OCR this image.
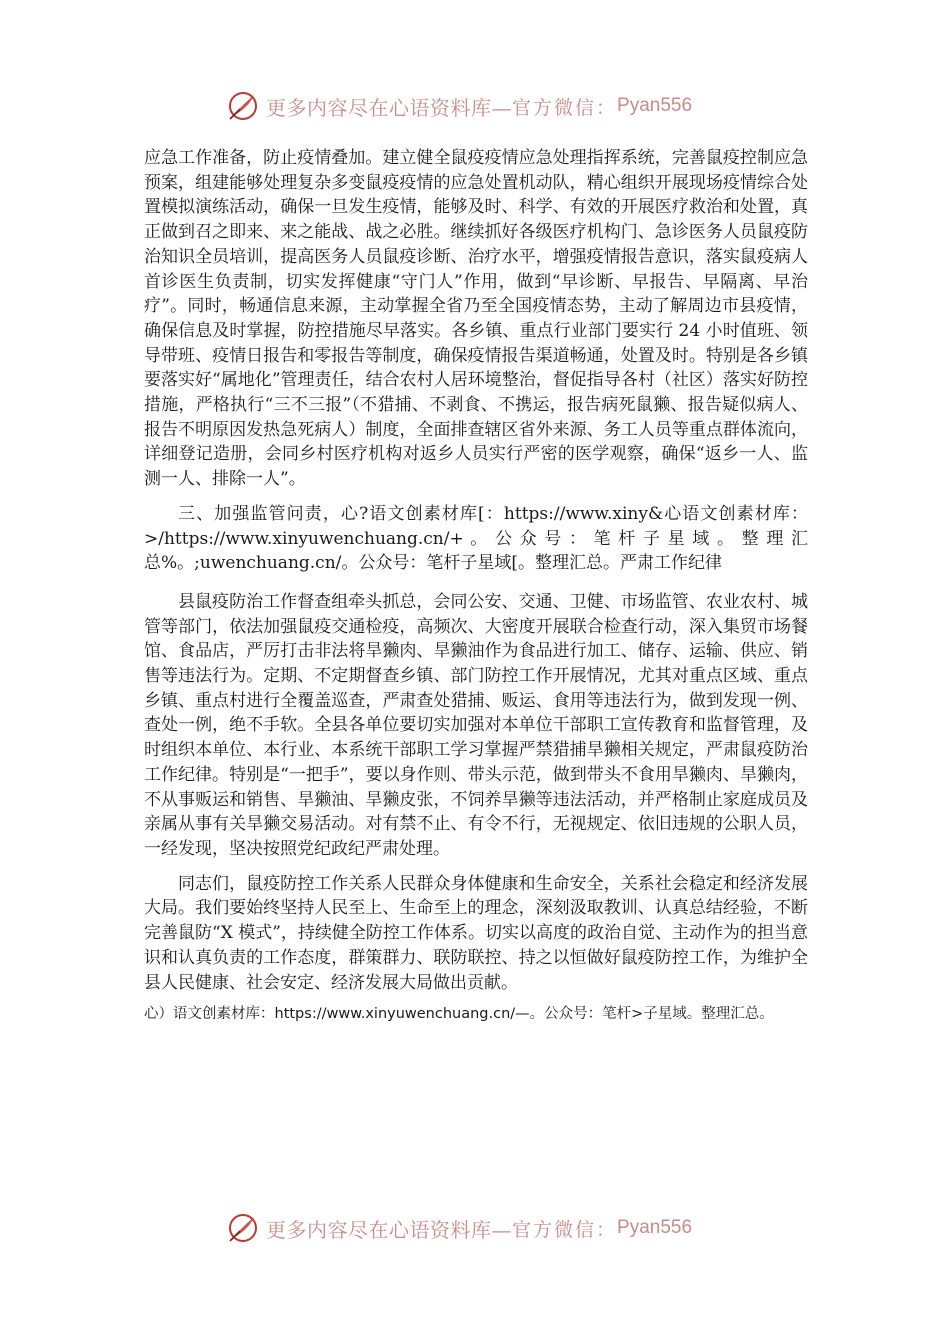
更多内容尽在心语资料库— 官方微信： Pyan556

应急工作准备，防止疫情叠加。建立健全鼠疫疫情应急处理指挥系统，完善鼠疫控制应急预案，组建能够处理复杂多变鼠疫疫情的应急处置机动队，精心组织开展现场疫情综合处置模拟演练活动，确保一旦发生疫情，能够及时、科学、有效的开展医疗救治和处置，真正做到召之即来、来之能战、战之必胜。继续抓好各级医疗机构门、急诊医务人员鼠疫防治知识全员培训，提高医务人员鼠疫诊断、治疗水平，增强疫情报告意识，落实鼠疫病人首诊医生负责制，切实发挥健康“守门人”作用，做到“早诊断、早报告、早隔离、早治疗”。同时，畅通信息来源，主动掌握全省乃至全国疫情态势，主动了解周边市县疫情，确保信息及时掌握，防控措施尽早落实。各乡镇、重点行业部门要实行 24 小时值班、领导带班、疫情日报告和零报告等制度，确保疫情报告渠道畅通，处置及时。特别是各乡镇要落实好“属地化”管理责任，结合农村人居环境整治，督促指导各村（社区）落实好防控措施，严格执行“三不三报”（不猎捕、不剥食、不携运，报告病死鼠獭、报告疑似病人、报告不明原因发热急死病人）制度，全面排查辖区省外来源、务工人员等重点群体流向，详细登记造册，会同乡村医疗机构对返乡人员实行严密的医学观察，确保“返乡一人、监测一人、排除一人”。

三、加强监管问责，心?语文创素材库[：https://www.xiny&心语文创素材库：>/https://www.xinyuwenchuang.cn/+ 。 公 众 号 ： 笔 杆 子 星 域 。 整 理 汇 总%。;uwenchuang.cn/。公众号：笔杆子星域[。整理汇总。严肃工作纪律

县鼠疫防治工作督查组牵头抓总，会同公安、交通、卫健、市场监管、农业农村、城管等部门，依法加强鼠疫交通检疫，高频次、大密度开展联合检查行动，深入集贸市场餐馆、食品店，严厉打击非法将旱獭肉、旱獭油作为食品进行加工、储存、运输、供应、销售等违法行为。定期、不定期督查乡镇、部门防控工作开展情况，尤其对重点区域、重点乡镇、重点村进行全覆盖巡查，严肃查处猎捕、贩运、食用等违法行为，做到发现一例、查处一例，绝不手软。全县各单位要切实加强对本单位干部职工宣传教育和监督管理，及时组织本单位、本行业、本系统干部职工学习掌握严禁猎捕旱獭相关规定，严肃鼠疫防治工作纪律。特别是“一把手”，要以身作则、带头示范，做到带头不食用旱獭肉、旱獭肉，不从事贩运和销售、旱獭油、旱獭皮张，不饲养旱獭等违法活动，并严格制止家庭成员及亲属从事有关旱獭交易活动。对有禁不止、有令不行，无视规定、依旧违规的公职人员，一经发现，坚决按照党纪政纪严肃处理。

同志们，鼠疫防控工作关系人民群众身体健康和生命安全，关系社会稳定和经济发展大局。我们要始终坚持人民至上、生命至上的理念，深刻汲取教训、认真总结经验，不断完善鼠防“X 模式”，持续健全防控工作体系。切实以高度的政治自觉、主动作为的担当意识和认真负责的工作态度，群策群力、联防联控、持之以恒做好鼠疫防控工作，为维护全县人民健康、社会安定、经济发展大局做出贡献。

心）语文创素材库：https://www.xinyuwenchuang.cn/—。公众号：笔杆>子星域。整理汇总。

更多内容尽在心语资料库— 官方微信： Pyan556
